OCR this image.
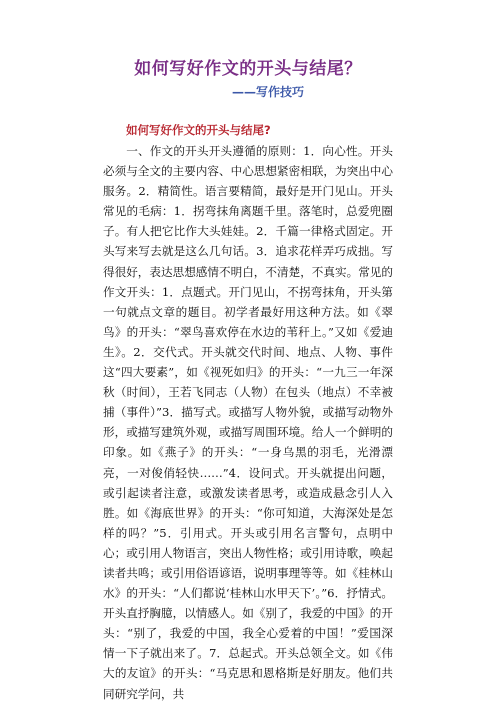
如何写好作文的开头与结尾？
——写作技巧
如何写好作文的开头与结尾?

一、作文的开头开头遵循的原则：1．向心性。开头必须与全文的主要内容、中心思想紧密相联，为突出中心服务。2．精简性。语言要精简，最好是开门见山。开头常见的毛病：1．拐弯抹角离题千里。落笔时，总爱兜圈子。有人把它比作大头娃娃。2．千篇一律格式固定。开头写来写去就是这么几句话。3．追求花样弄巧成拙。写得很好，表达思想感情不明白，不清楚，不真实。常见的作文开头：1．点题式。开门见山，不拐弯抹角，开头第一句就点文章的题目。初学者最好用这种方法。如《翠鸟》的开头：“翠鸟喜欢停在水边的苇秆上。”又如《爱迪生》。2．交代式。开头就交代时间、地点、人物、事件这“四大要素”，如《视死如归》的开头：“一九三一年深秋（时间），王若飞同志（人物）在包头（地点）不幸被捕（事件）”3．描写式。或描写人物外貌，或描写动物外形，或描写建筑外观，或描写周围环境。给人一个鲜明的印象。如《燕子》的开头：“一身乌黑的羽毛，光滑漂亮，一对俊俏轻快……”4．设问式。开头就提出问题，或引起读者注意，或激发读者思考，或造成悬念引人入胜。如《海底世界》的开头：“你可知道，大海深处是怎样的吗？”5．引用式。开头或引用名言警句，点明中心；或引用人物语言，突出人物性格；或引用诗歌，唤起读者共鸣；或引用俗语谚语，说明事理等等。如《桂林山水》的开头：“人们都说‘桂林山水甲天下’。”6．抒情式。开头直抒胸臆，以情感人。如《别了，我爱的中国》的开头：“别了，我爱的中国，我全心爱着的中国！”爱国深情一下子就出来了。7．总起式。开头总领全文。如《伟大的友谊》的开头：“马克思和恩格斯是好朋友。他们共同研究学问，共
